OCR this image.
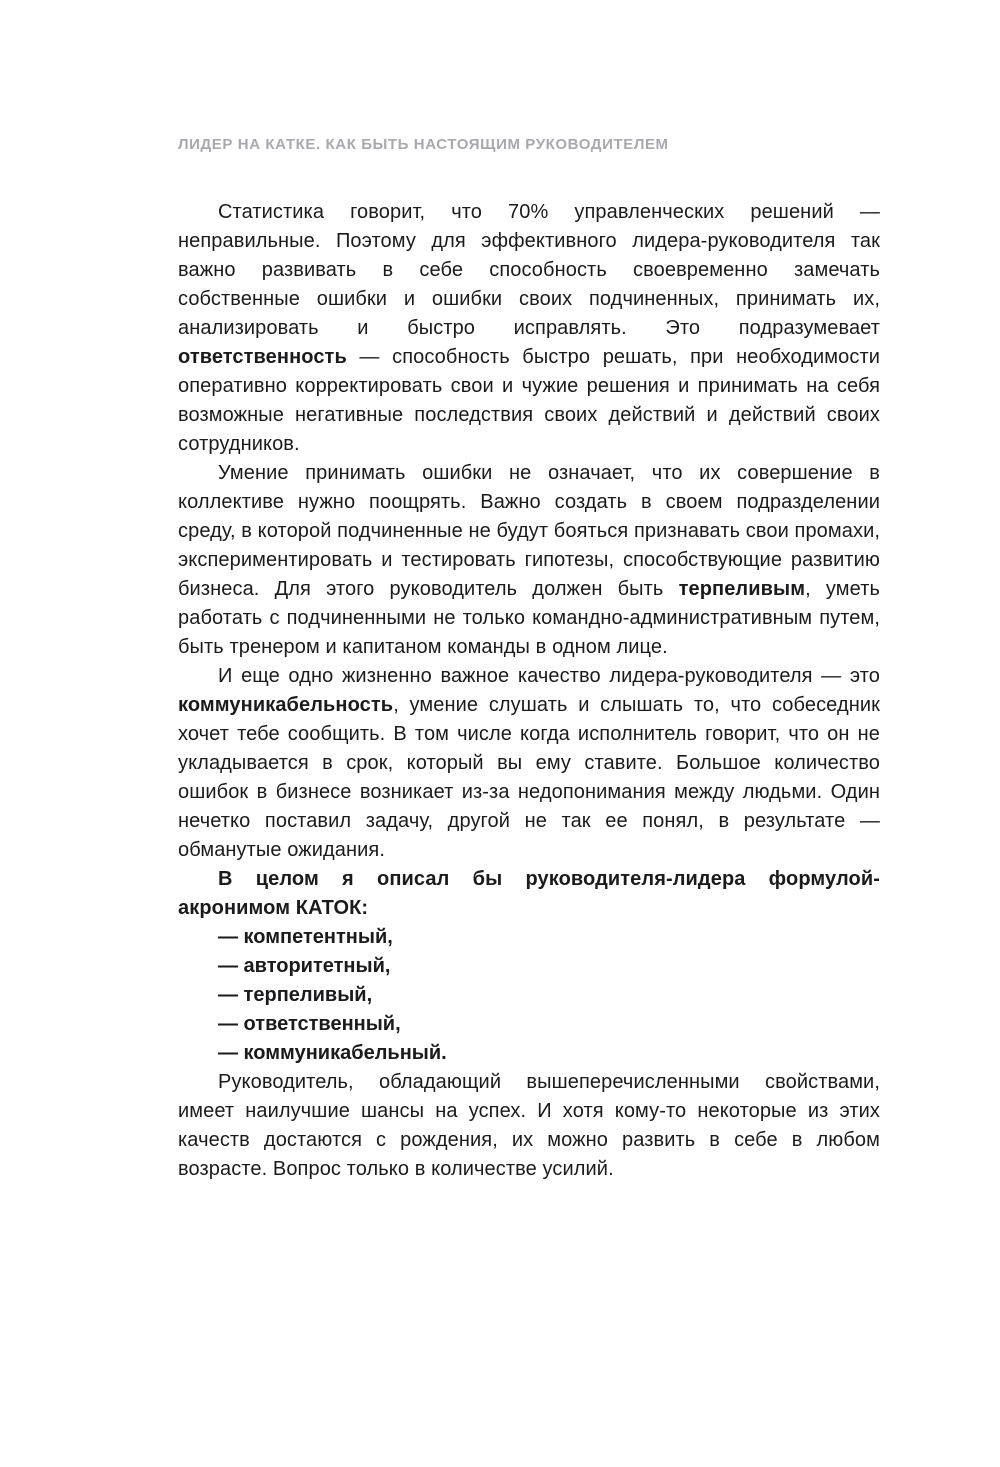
ЛИДЕР НА КАТКЕ. КАК БЫТЬ НАСТОЯЩИМ РУКОВОДИТЕЛЕМ

Статистика говорит, что 70% управленческих решений — неправильные. Поэтому для эффективного лидера-руководителя так важно развивать в себе способность своевременно замечать собственные ошибки и ошибки своих подчиненных, принимать их, анализировать и быстро исправлять. Это подразумевает ответственность — способность быстро решать, при необходимости оперативно корректировать свои и чужие решения и принимать на себя возможные негативные последствия своих действий и действий своих сотрудников.

Умение принимать ошибки не означает, что их совершение в коллективе нужно поощрять. Важно создать в своем подразделении среду, в которой подчиненные не будут бояться признавать свои промахи, экспериментировать и тестировать гипотезы, способствующие развитию бизнеса. Для этого руководитель должен быть терпеливым, уметь работать с подчиненными не только командно-административным путем, быть тренером и капитаном команды в одном лице.

И еще одно жизненно важное качество лидера-руководителя — это коммуникабельность, умение слушать и слышать то, что собеседник хочет тебе сообщить. В том числе когда исполнитель говорит, что он не укладывается в срок, который вы ему ставите. Большое количество ошибок в бизнесе возникает из-за недопонимания между людьми. Один нечетко поставил задачу, другой не так ее понял, в результате — обманутые ожидания.

В целом я описал бы руководителя-лидера формулой-акронимом КАТОК:

— компетентный,

— авторитетный,

— терпеливый,

— ответственный,

— коммуникабельный.

Руководитель, обладающий вышеперечисленными свойствами, имеет наилучшие шансы на успех. И хотя кому-то некоторые из этих качеств достаются с рождения, их можно развить в себе в любом возрасте. Вопрос только в количестве усилий.
